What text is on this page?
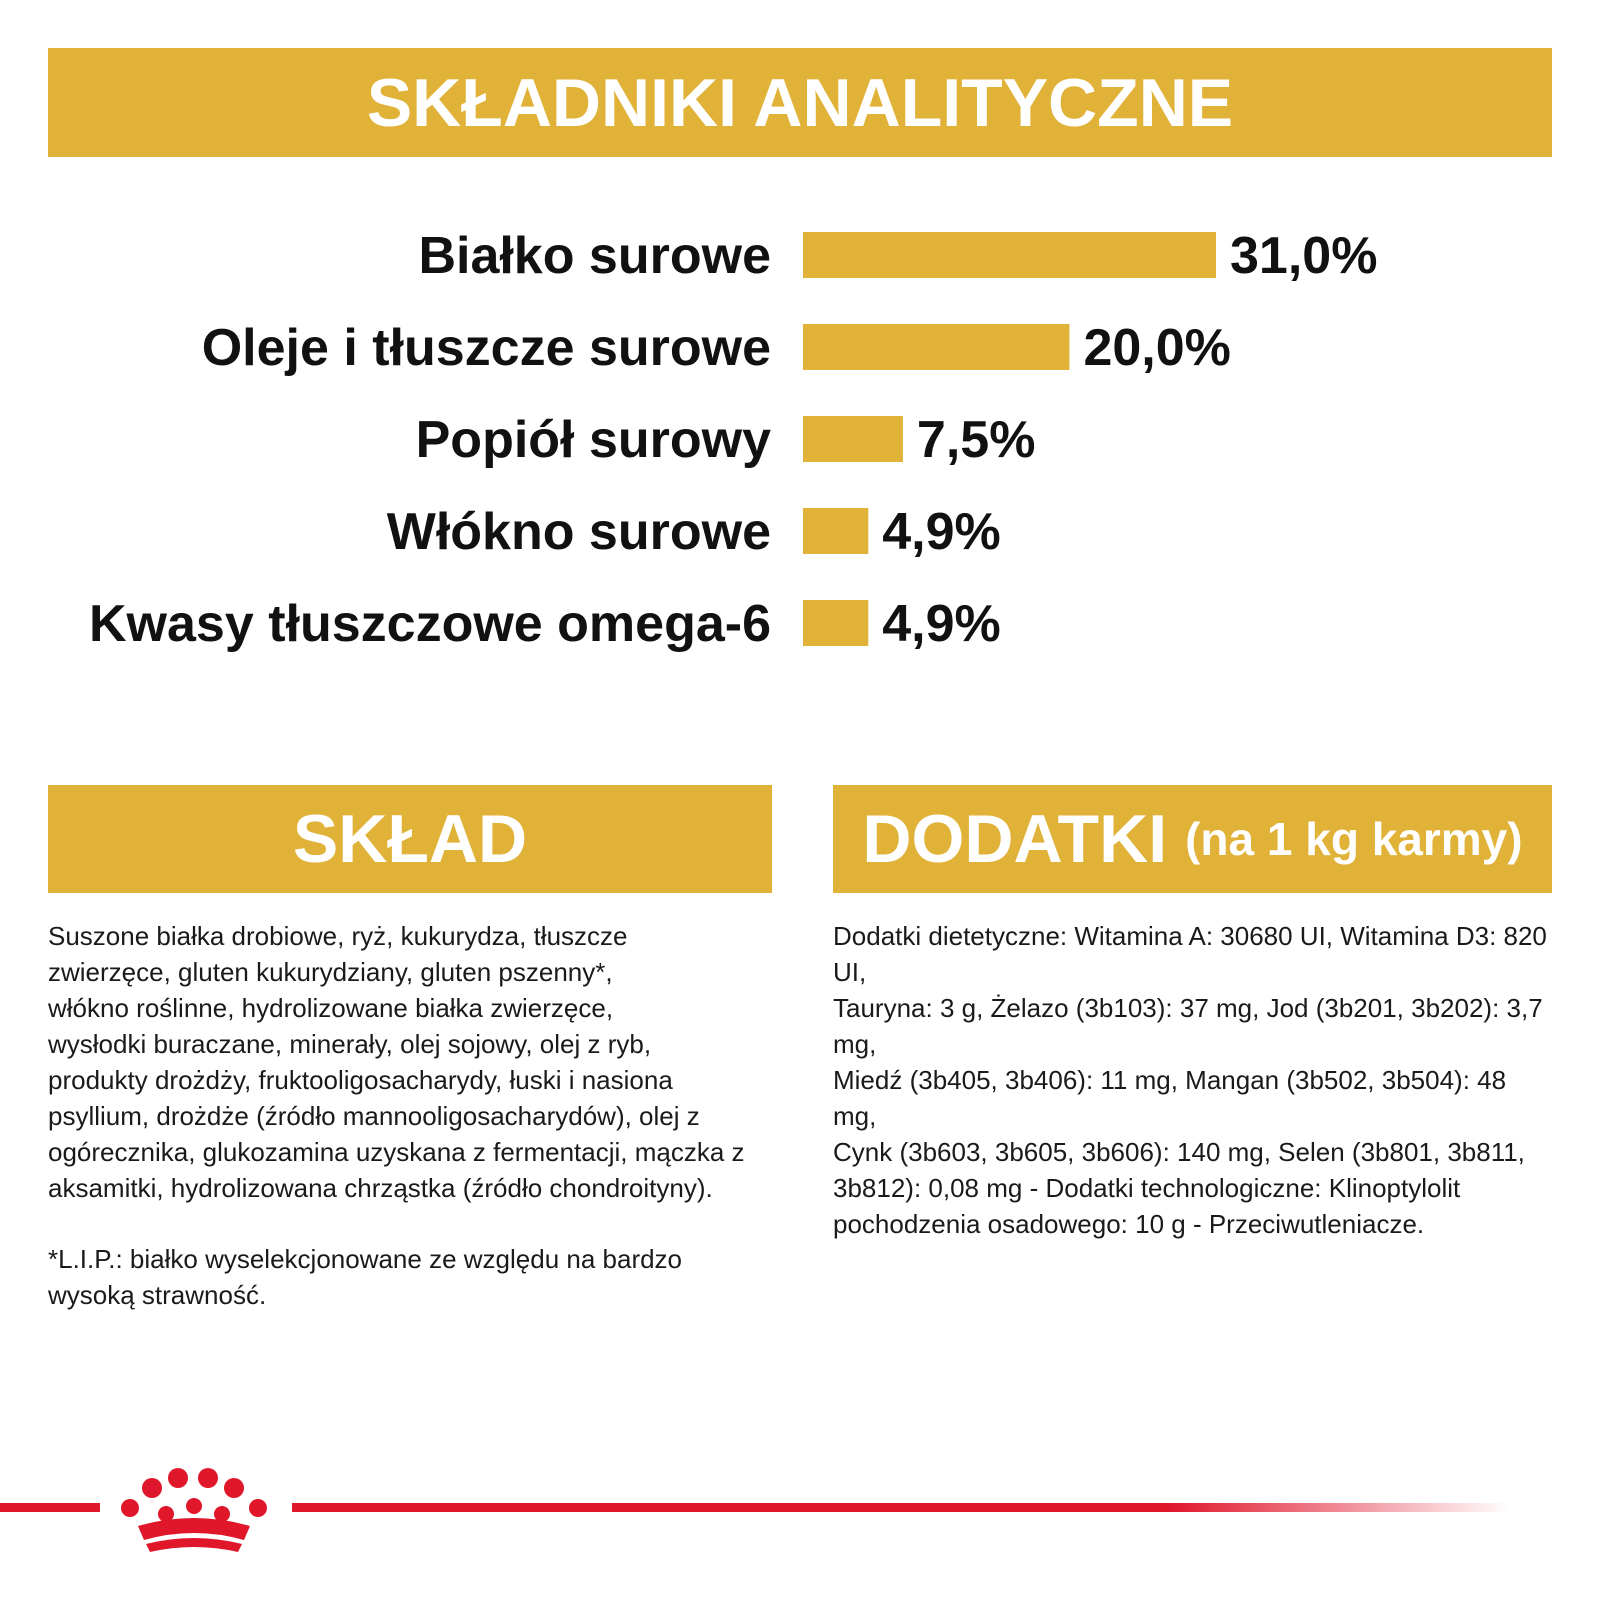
SKŁADNIKI ANALITYCZNE
Białko surowe	31,0%
Oleje i tłuszcze surowe	20,0%
Popiół surowy	7,5%
Włókno surowe 4,9%
Kwasy tłuszczowe omega-6 4,9%
SKŁAD	DODATKI (na 1 kg karmy)
Suszone białka drobiowe, ryż, kukurydza, tłuszcze
zwierzęce, gluten kukurydziany, gluten pszenny*,
włókno roślinne, hydrolizowane białka zwierzęce,
wysłodki buraczane, minerały, olej sojowy, olej z ryb,
produkty drożdży, fruktooligosacharydy, łuski i nasiona
psyllium, drożdże (źródło mannooligosacharydów), olej z
ogórecznika, glukozamina uzyskana z fermentacji, mączka z
aksamitki, hydrolizowana chrząstka (źródło chondroityny).
*L.I.P.: białko wyselekcjonowane ze względu na bardzo
wysoką strawność.
Dodatki dietetyczne: Witamina A: 30680 UI, Witamina D3: 820 UI,
Tauryna: 3 g, Żelazo (3b103): 37 mg, Jod (3b201, 3b202): 3,7 mg,
Miedź (3b405, 3b406): 11 mg, Mangan (3b502, 3b504): 48 mg,
Cynk (3b603, 3b605, 3b606): 140 mg, Selen (3b801, 3b811,
3b812): 0,08 mg - Dodatki technologiczne: Klinoptylolit
pochodzenia osadowego: 10 g - Przeciwutleniacze.
